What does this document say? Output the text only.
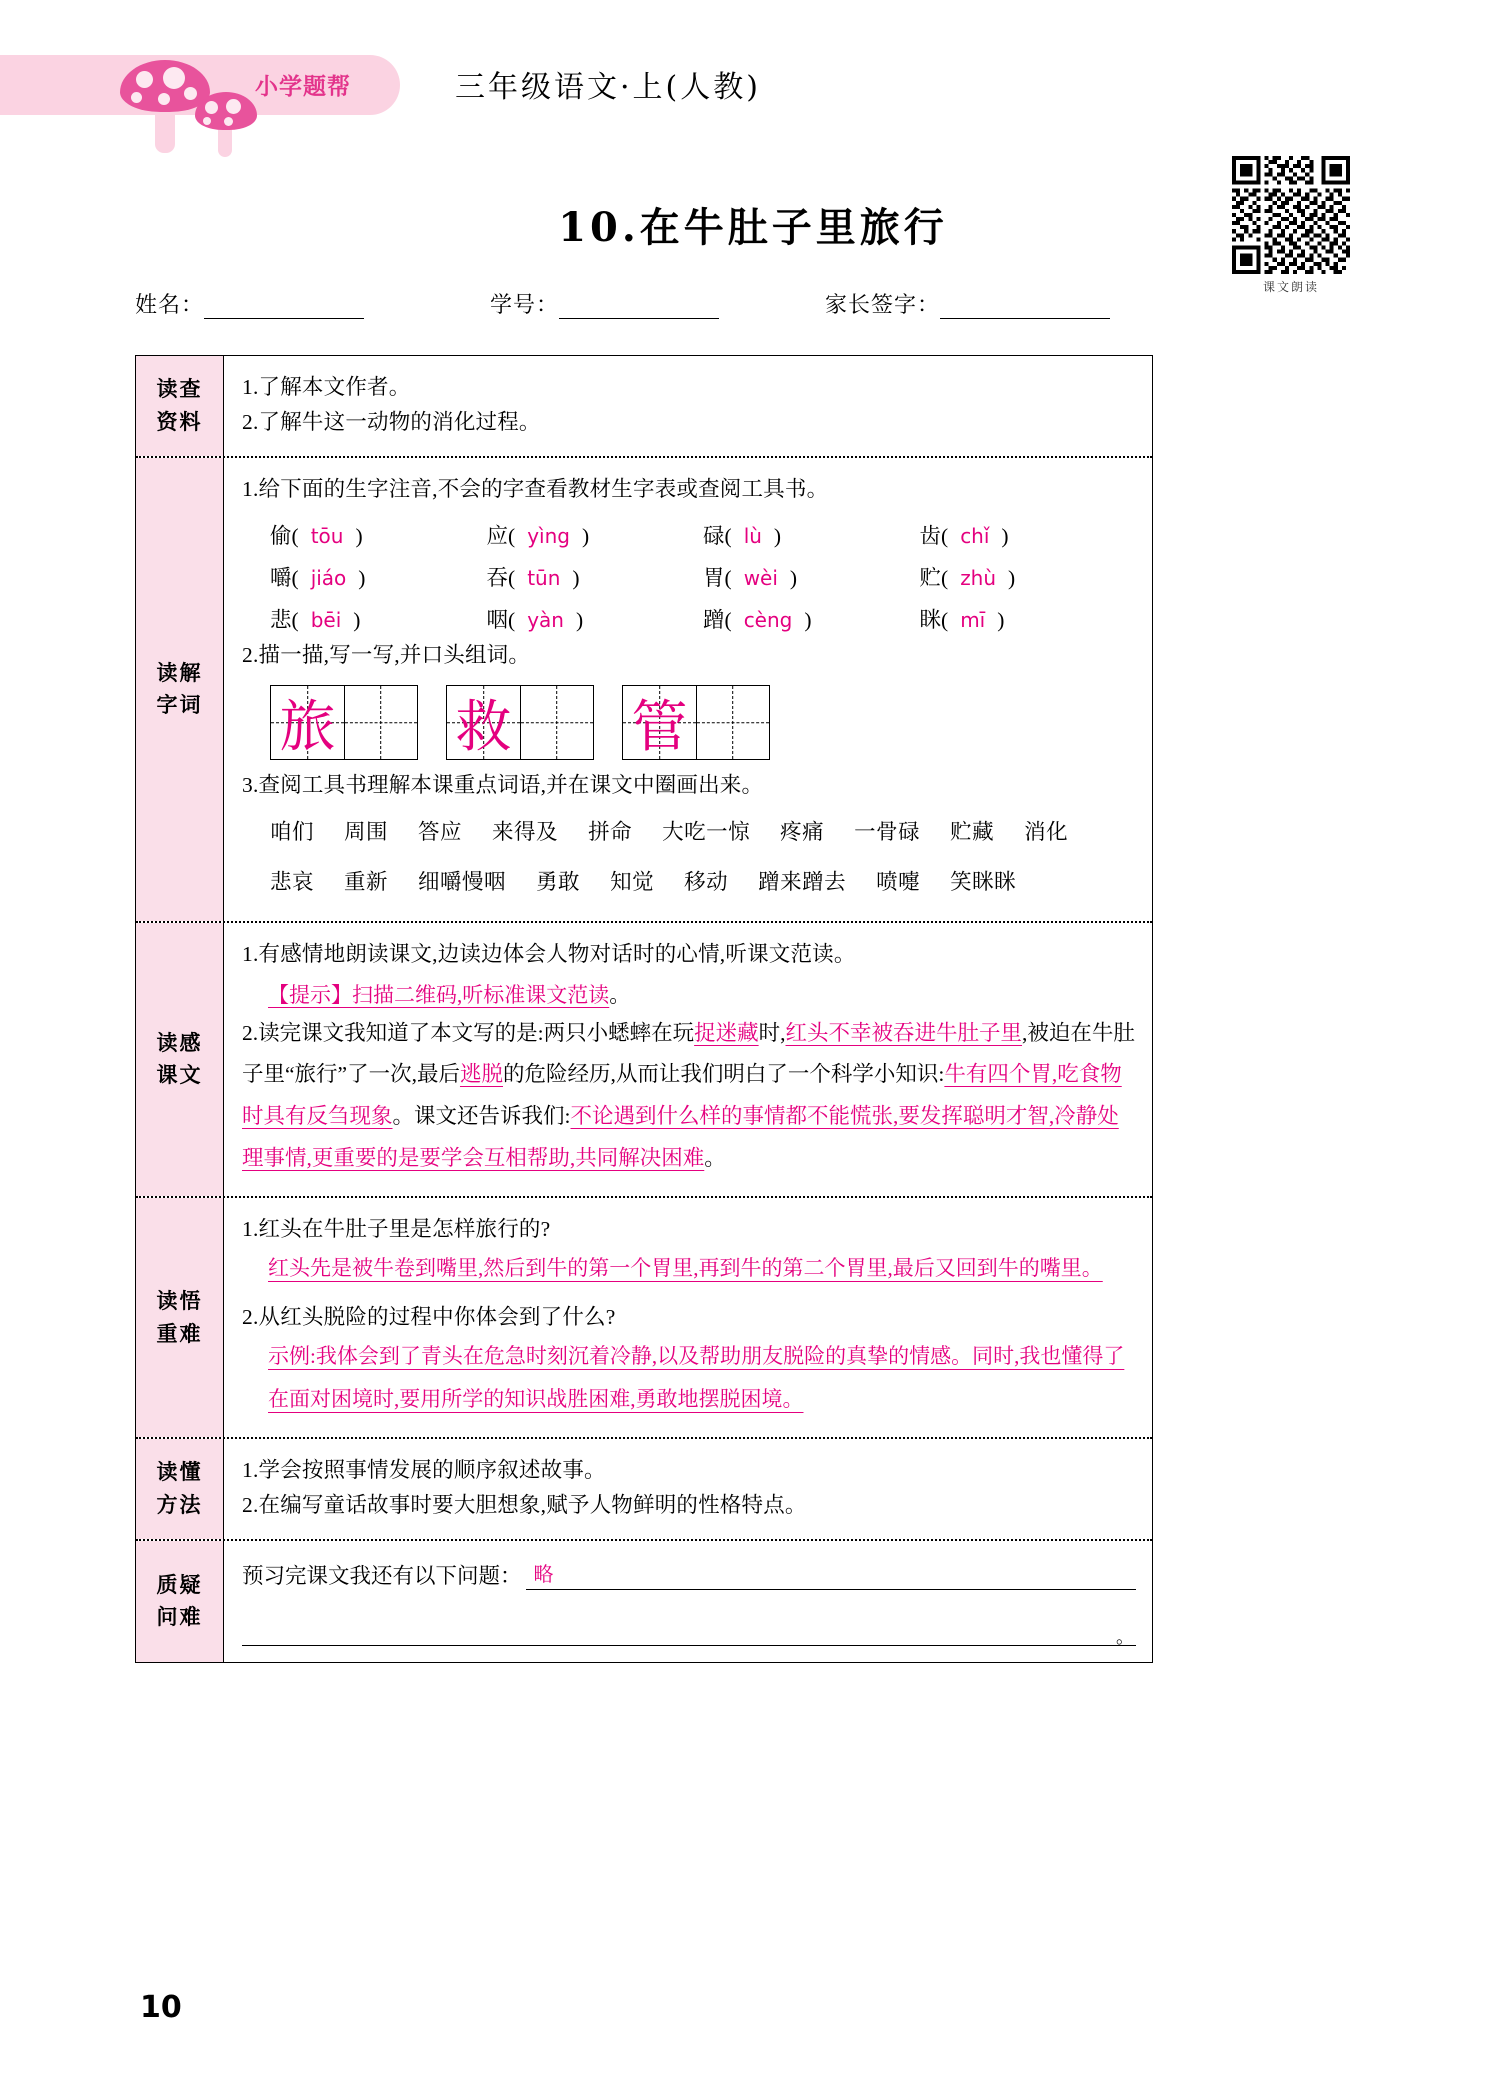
小学题帮	三年级语文·上(人教)
10.在牛肚子里旅行
课文朗读
姓名：	学号：	家长签字：
读查
资料
1.了解本文作者。
2.了解牛这一动物的消化过程。
读解
字词
1.给下面的生字注音,不会的字查看教材生字表或查阅工具书。
偷( tōu )	应( yìng )	碌( lù )	齿( chǐ )
嚼( jiáo )	吞( tūn )	胃( wèi )	贮( zhù )
悲( bēi )	咽( yàn )	蹭( cèng )	眯( mī )
2.描一描,写一写,并口头组词。
旅 救 管
3.查阅工具书理解本课重点词语,并在课文中圈画出来。
咱们 周围 答应 来得及 拼命 大吃一惊 疼痛 一骨碌 贮藏 消化
悲哀 重新 细嚼慢咽 勇敢 知觉 移动 蹭来蹭去 喷嚏 笑眯眯
读感
课文
1.有感情地朗读课文,边读边体会人物对话时的心情,听课文范读。
【提示】扫描二维码,听标准课文范读。
2.读完课文我知道了本文写的是:两只小蟋蟀在玩捉迷藏时,红头不幸被吞进牛肚子里,被迫在牛肚子里“旅行”了一次,最后逃脱的危险经历,从而让我们明白了一个科学小知识:牛有四个胃,吃食物时具有反刍现象。课文还告诉我们:不论遇到什么样的事情都不能慌张,要发挥聪明才智,冷静处理事情,更重要的是要学会互相帮助,共同解决困难。
读悟
重难
1.红头在牛肚子里是怎样旅行的?
红头先是被牛卷到嘴里,然后到牛的第一个胃里,再到牛的第二个胃里,最后又回到牛的嘴里。
2.从红头脱险的过程中你体会到了什么?
示例:我体会到了青头在危急时刻沉着冷静,以及帮助朋友脱险的真挚的情感。同时,我也懂得了在面对困境时,要用所学的知识战胜困难,勇敢地摆脱困境。
读懂
方法
1.学会按照事情发展的顺序叙述故事。
2.在编写童话故事时要大胆想象,赋予人物鲜明的性格特点。
质疑
问难
预习完课文我还有以下问题： 略
。
10
